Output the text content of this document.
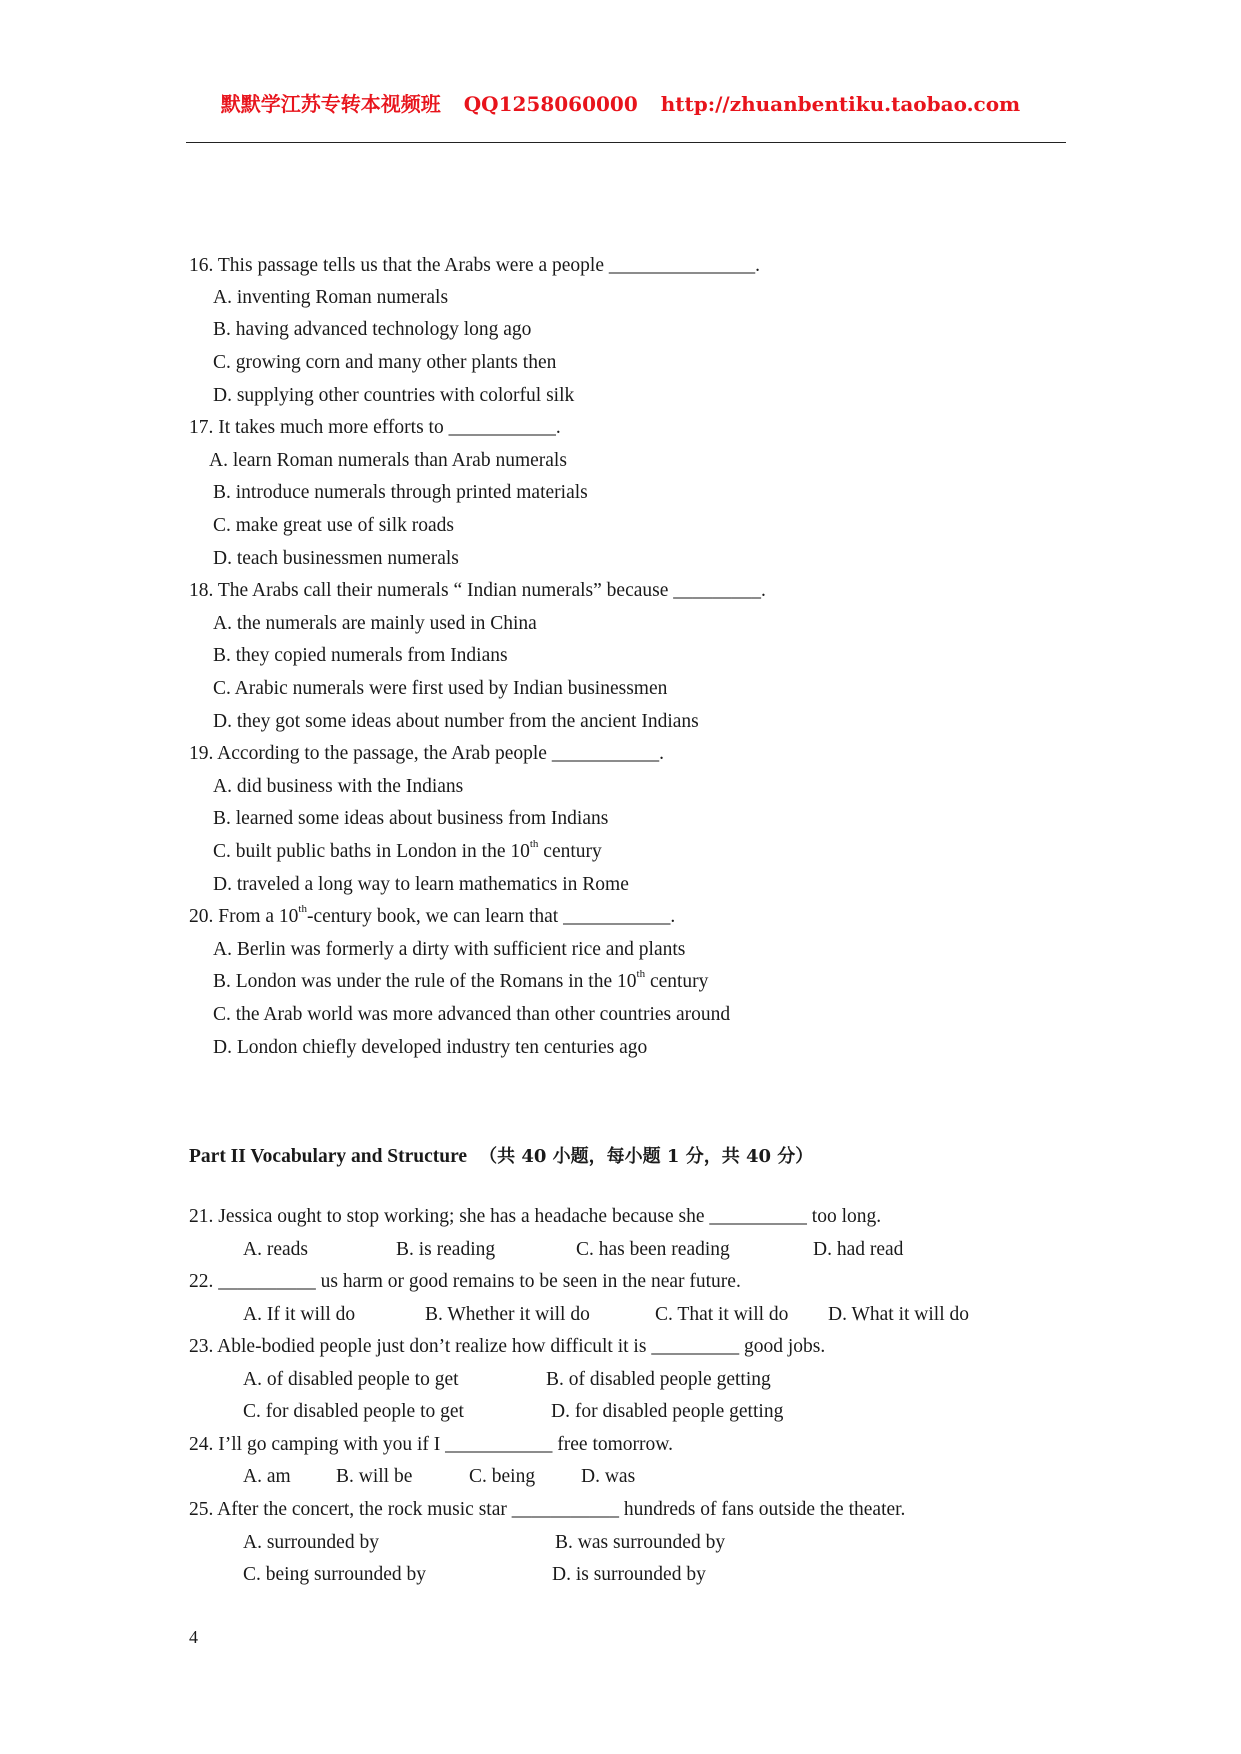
默默学江苏专转本视频班 QQ1258060000 http://zhuanbentiku.taobao.com
16. This passage tells us that the Arabs were a people _______________.
A. inventing Roman numerals
B. having advanced technology long ago
C. growing corn and many other plants then
D. supplying other countries with colorful silk
17. It takes much more efforts to ___________.
A. learn Roman numerals than Arab numerals
B. introduce numerals through printed materials
C. make great use of silk roads
D. teach businessmen numerals
18. The Arabs call their numerals “ Indian numerals” because _________.
A. the numerals are mainly used in China
B. they copied numerals from Indians
C. Arabic numerals were first used by Indian businessmen
D. they got some ideas about number from the ancient Indians
19. According to the passage, the Arab people ___________.
A. did business with the Indians
B. learned some ideas about business from Indians
C. built public baths in London in the 10th century
D. traveled a long way to learn mathematics in Rome
20. From a 10th-century book, we can learn that ___________.
A. Berlin was formerly a dirty with sufficient rice and plants
B. London was under the rule of the Romans in the 10th century
C. the Arab world was more advanced than other countries around
D. London chiefly developed industry ten centuries ago
Part II Vocabulary and Structure （共 40 小题，每小题 1 分，共 40 分）
21. Jessica ought to stop working; she has a headache because she __________ too long.
A. reads	B. is reading	C. has been reading	D. had read
22. __________ us harm or good remains to be seen in the near future.
A. If it will do	B. Whether it will do	C. That it will do D. What it will do
23. Able-bodied people just don’t realize how difficult it is _________ good jobs.
A. of disabled people to get	B. of disabled people getting
C. for disabled people to get	D. for disabled people getting
24. I’ll go camping with you if I ___________ free tomorrow.
A. am B. will be	C. being D. was
25. After the concert, the rock music star ___________ hundreds of fans outside the theater.
A. surrounded by	B. was surrounded by
C. being surrounded by	D. is surrounded by
4
